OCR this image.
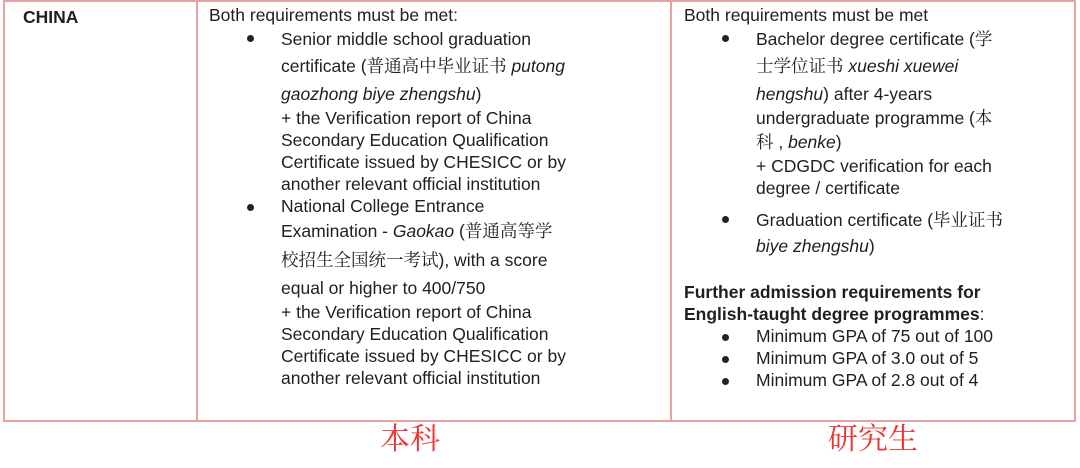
CHINA	Both requirements must be met:

Senior middle school graduation
certificate (普通高中毕业证书 putong
gaozhong biye zhengshu)
+ the Verification report of China
Secondary Education Qualification
Certificate issued by CHESICC or by
another relevant official institution
National College Entrance
Examination - Gaokao (普通高等学
校招生全国统一考试), with a score
equal or higher to 400/750
+ the Verification report of China
Secondary Education Qualification
Certificate issued by CHESICC or by
another relevant official institution

Both requirements must be met

Bachelor degree certificate (学
士学位证书 xueshi xuewei
hengshu) after 4-years
undergraduate programme (本
科 , benke)
+ CDGDC verification for each
degree / certificate
Graduation certificate (毕业证书
biye zhengshu)
Further admission requirements for
English-taught degree programmes:
Minimum GPA of 75 out of 100
Minimum GPA of 3.0 out of 5
Minimum GPA of 2.8 out of 4
本科	研究生
